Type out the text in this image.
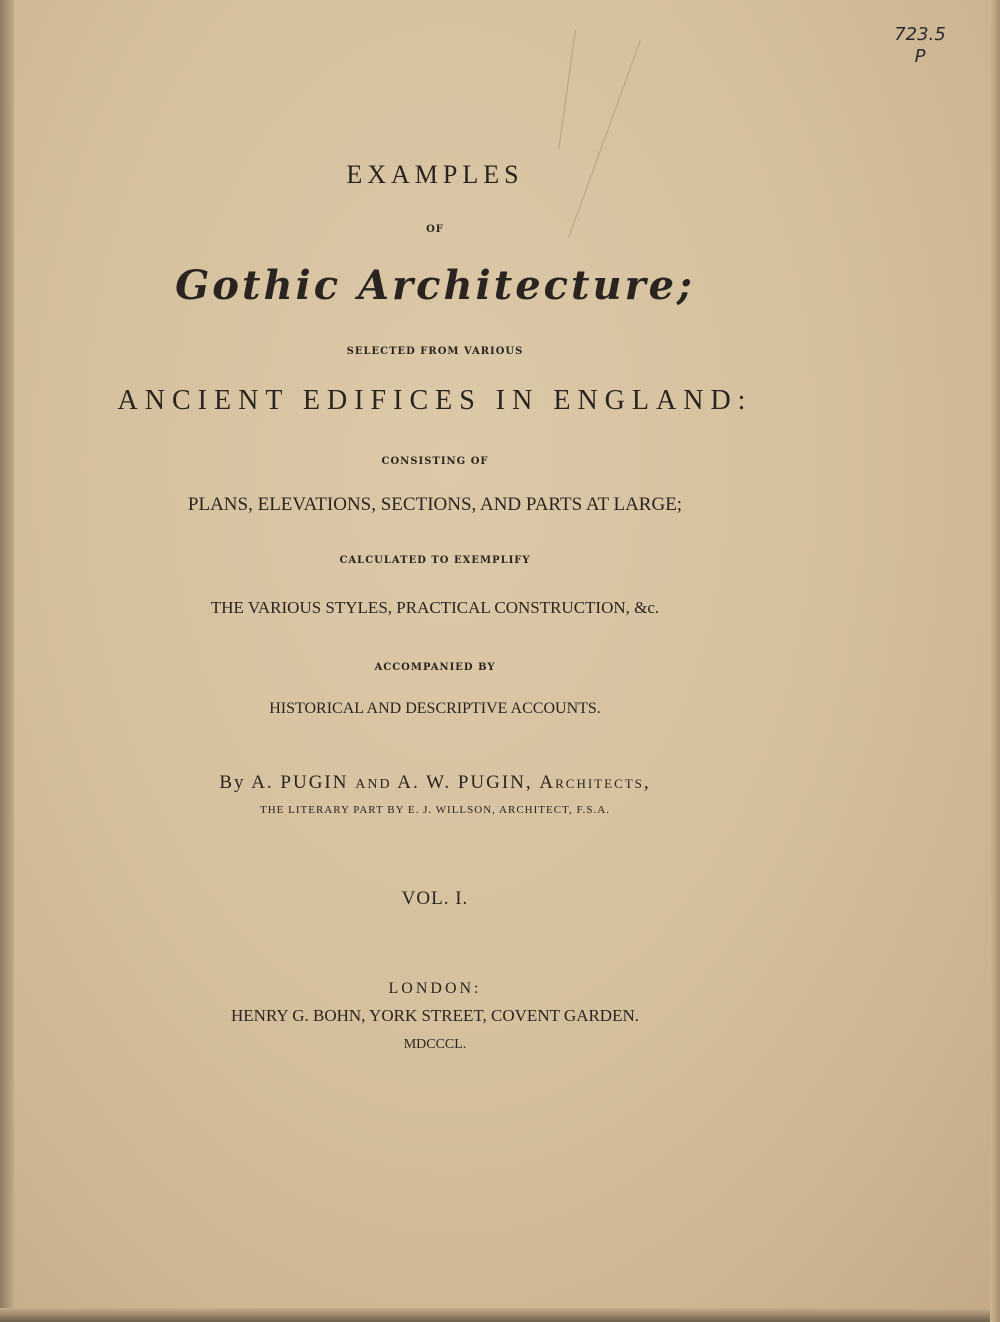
723.5
P
EXAMPLES
OF
Gothic Architecture;
SELECTED FROM VARIOUS
ANCIENT EDIFICES IN ENGLAND:
CONSISTING OF
PLANS, ELEVATIONS, SECTIONS, AND PARTS AT LARGE;
CALCULATED TO EXEMPLIFY
THE VARIOUS STYLES, PRACTICAL CONSTRUCTION, &c.
ACCOMPANIED BY
HISTORICAL AND DESCRIPTIVE ACCOUNTS.
By A. PUGIN AND A. W. PUGIN, Architects,
THE LITERARY PART BY E. J. WILLSON, ARCHITECT, F.S.A.
VOL. I.
LONDON:
HENRY G. BOHN, YORK STREET, COVENT GARDEN.
MDCCCL.
